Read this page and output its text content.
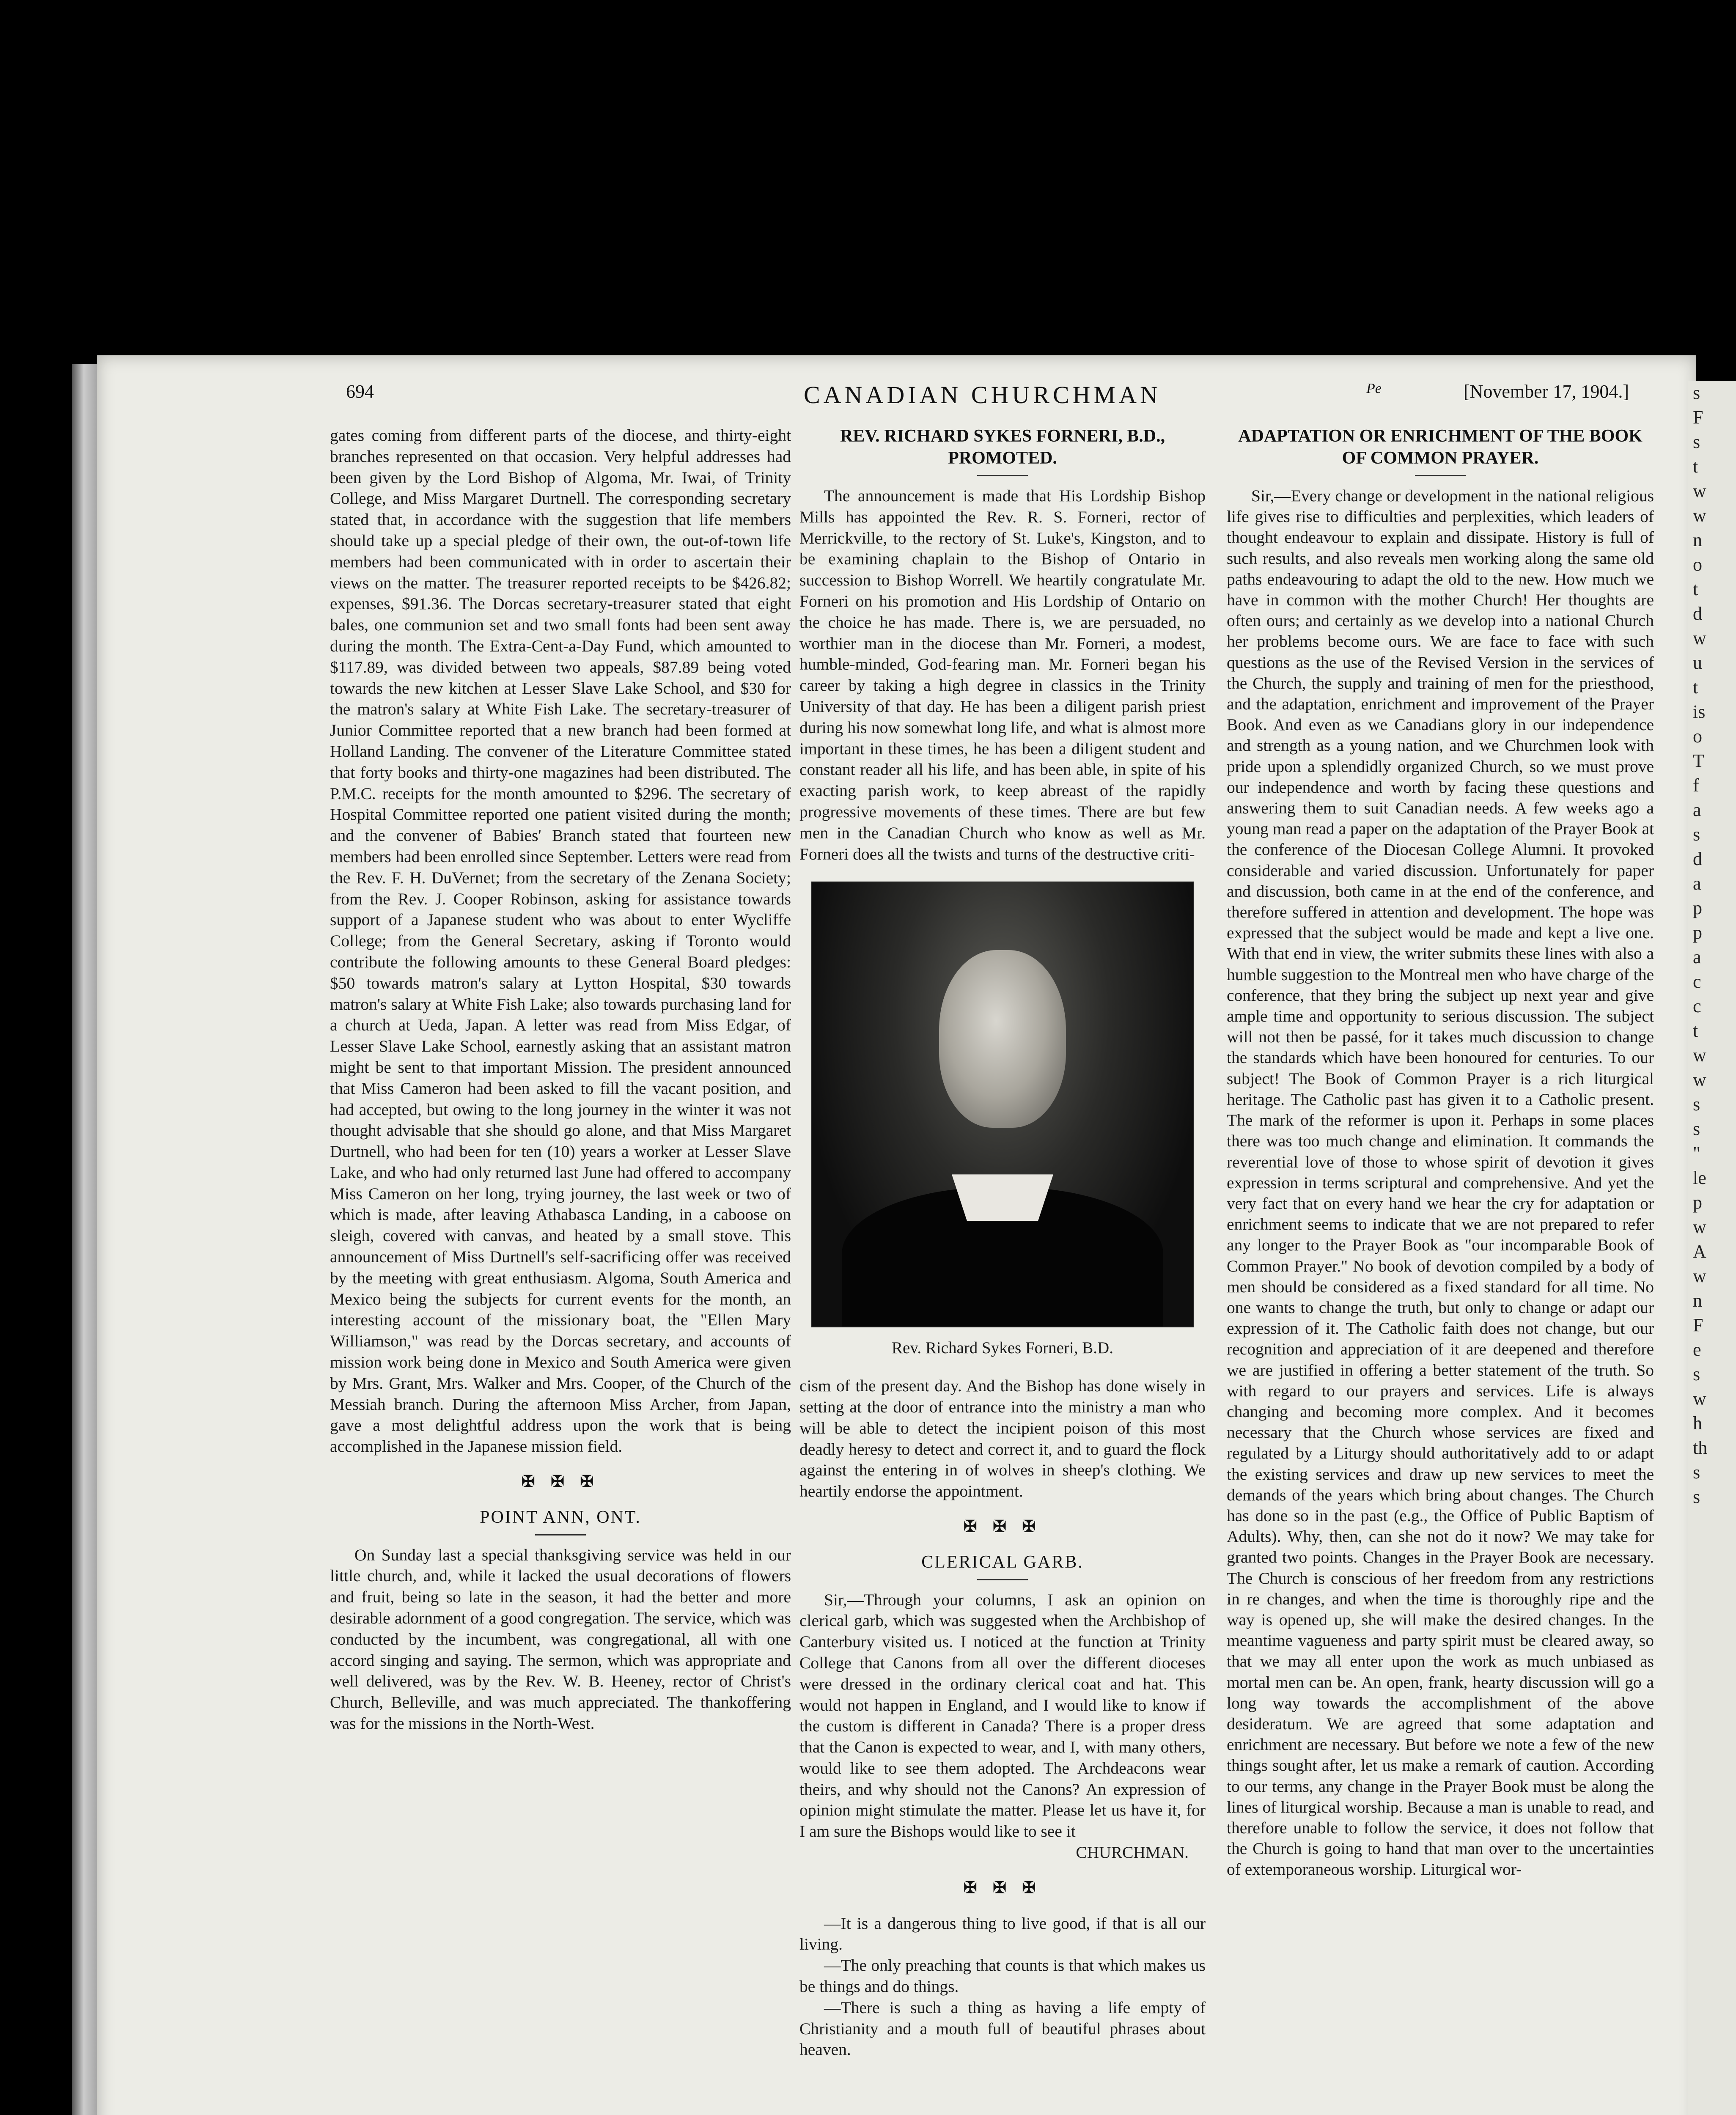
s
F
s
t
w
w
n
o
t
d
w
u
t
is
o
T
f
a
s
d
a
p
p
a
c
c
t
w
w
s
s
"
le
p
w
A
w
n
F
e
s
w
h
th
s
s
694	CANADIAN CHURCHMAN	Pe	[November 17, 1904.]

gates coming from different parts of the diocese, and thirty-eight branches represented on that occasion. Very helpful addresses had been given by the Lord Bishop of Algoma, Mr. Iwai, of Trinity College, and Miss Margaret Durtnell. The corresponding secretary stated that, in accordance with the suggestion that life members should take up a special pledge of their own, the out-of-town life members had been communicated with in order to ascertain their views on the matter. The treasurer reported receipts to be $426.82; expenses, $91.36. The Dorcas secretary-treasurer stated that eight bales, one communion set and two small fonts had been sent away during the month. The Extra-Cent-a-Day Fund, which amounted to $117.89, was divided between two appeals, $87.89 being voted towards the new kitchen at Lesser Slave Lake School, and $30 for the matron's salary at White Fish Lake. The secretary-treasurer of Junior Committee reported that a new branch had been formed at Holland Landing. The convener of the Literature Committee stated that forty books and thirty-one magazines had been distributed. The P.M.C. receipts for the month amounted to $296. The secretary of Hospital Committee reported one patient visited during the month; and the convener of Babies' Branch stated that fourteen new members had been enrolled since September. Letters were read from the Rev. F. H. DuVernet; from the secretary of the Zenana Society; from the Rev. J. Cooper Robinson, asking for assistance towards support of a Japanese student who was about to enter Wycliffe College; from the General Secretary, asking if Toronto would contribute the following amounts to these General Board pledges: $50 towards matron's salary at Lytton Hospital, $30 towards matron's salary at White Fish Lake; also towards purchasing land for a church at Ueda, Japan. A letter was read from Miss Edgar, of Lesser Slave Lake School, earnestly asking that an assistant matron might be sent to that important Mission. The president announced that Miss Cameron had been asked to fill the vacant position, and had accepted, but owing to the long journey in the winter it was not thought advisable that she should go alone, and that Miss Margaret Durtnell, who had been for ten (10) years a worker at Lesser Slave Lake, and who had only returned last June had offered to accompany Miss Cameron on her long, trying journey, the last week or two of which is made, after leaving Athabasca Landing, in a caboose on sleigh, covered with canvas, and heated by a small stove. This announcement of Miss Durtnell's self-sacrificing offer was received by the meeting with great enthusiasm. Algoma, South America and Mexico being the subjects for current events for the month, an interesting account of the missionary boat, the "Ellen Mary Williamson," was read by the Dorcas secretary, and accounts of mission work being done in Mexico and South America were given by Mrs. Grant, Mrs. Walker and Mrs. Cooper, of the Church of the Messiah branch. During the afternoon Miss Archer, from Japan, gave a most delightful address upon the work that is being accomplished in the Japanese mission field.

✠ ✠ ✠
POINT ANN, ONT.

On Sunday last a special thanksgiving service was held in our little church, and, while it lacked the usual decorations of flowers and fruit, being so late in the season, it had the better and more desirable adornment of a good congregation. The service, which was conducted by the incumbent, was congregational, all with one accord singing and saying. The sermon, which was appropriate and well delivered, was by the Rev. W. B. Heeney, rector of Christ's Church, Belleville, and was much appreciated. The thankoffering was for the missions in the North-West.

REV. RICHARD SYKES FORNERI, B.D., PROMOTED.

The announcement is made that His Lordship Bishop Mills has appointed the Rev. R. S. Forneri, rector of Merrickville, to the rectory of St. Luke's, Kingston, and to be examining chaplain to the Bishop of Ontario in succession to Bishop Worrell. We heartily congratulate Mr. Forneri on his promotion and His Lordship of Ontario on the choice he has made. There is, we are persuaded, no worthier man in the diocese than Mr. Forneri, a modest, humble-minded, God-fearing man. Mr. Forneri began his career by taking a high degree in classics in the Trinity University of that day. He has been a diligent parish priest during his now somewhat long life, and what is almost more important in these times, he has been a diligent student and constant reader all his life, and has been able, in spite of his exacting parish work, to keep abreast of the rapidly progressive movements of these times. There are but few men in the Canadian Church who know as well as Mr. Forneri does all the twists and turns of the destructive criti-

Rev. Richard Sykes Forneri, B.D.

cism of the present day. And the Bishop has done wisely in setting at the door of entrance into the ministry a man who will be able to detect the incipient poison of this most deadly heresy to detect and correct it, and to guard the flock against the entering in of wolves in sheep's clothing. We heartily endorse the appointment.

✠ ✠ ✠
CLERICAL GARB.

Sir,—Through your columns, I ask an opinion on clerical garb, which was suggested when the Archbishop of Canterbury visited us. I noticed at the function at Trinity College that Canons from all over the different dioceses were dressed in the ordinary clerical coat and hat. This would not happen in England, and I would like to know if the custom is different in Canada? There is a proper dress that the Canon is expected to wear, and I, with many others, would like to see them adopted. The Archdeacons wear theirs, and why should not the Canons? An expression of opinion might stimulate the matter. Please let us have it, for I am sure the Bishops would like to see it

CHURCHMAN.
✠ ✠ ✠

—It is a dangerous thing to live good, if that is all our living.

—The only preaching that counts is that which makes us be things and do things.

—There is such a thing as having a life empty of Christianity and a mouth full of beautiful phrases about heaven.

ADAPTATION OR ENRICHMENT OF THE BOOK OF COMMON PRAYER.

Sir,—Every change or development in the national religious life gives rise to difficulties and perplexities, which leaders of thought endeavour to explain and dissipate. History is full of such results, and also reveals men working along the same old paths endeavouring to adapt the old to the new. How much we have in common with the mother Church! Her thoughts are often ours; and certainly as we develop into a national Church her problems become ours. We are face to face with such questions as the use of the Revised Version in the services of the Church, the supply and training of men for the priesthood, and the adaptation, enrichment and improvement of the Prayer Book. And even as we Canadians glory in our independence and strength as a young nation, and we Churchmen look with pride upon a splendidly organized Church, so we must prove our independence and worth by facing these questions and answering them to suit Canadian needs. A few weeks ago a young man read a paper on the adaptation of the Prayer Book at the conference of the Diocesan College Alumni. It provoked considerable and varied discussion. Unfortunately for paper and discussion, both came in at the end of the conference, and therefore suffered in attention and development. The hope was expressed that the subject would be made and kept a live one. With that end in view, the writer submits these lines with also a humble suggestion to the Montreal men who have charge of the conference, that they bring the subject up next year and give ample time and opportunity to serious discussion. The subject will not then be passé, for it takes much discussion to change the standards which have been honoured for centuries. To our subject! The Book of Common Prayer is a rich liturgical heritage. The Catholic past has given it to a Catholic present. The mark of the reformer is upon it. Perhaps in some places there was too much change and elimination. It commands the reverential love of those to whose spirit of devotion it gives expression in terms scriptural and comprehensive. And yet the very fact that on every hand we hear the cry for adaptation or enrichment seems to indicate that we are not prepared to refer any longer to the Prayer Book as "our incomparable Book of Common Prayer." No book of devotion compiled by a body of men should be considered as a fixed standard for all time. No one wants to change the truth, but only to change or adapt our expression of it. The Catholic faith does not change, but our recognition and appreciation of it are deepened and therefore we are justified in offering a better statement of the truth. So with regard to our prayers and services. Life is always changing and becoming more complex. And it becomes necessary that the Church whose services are fixed and regulated by a Liturgy should authoritatively add to or adapt the existing services and draw up new services to meet the demands of the years which bring about changes. The Church has done so in the past (e.g., the Office of Public Baptism of Adults). Why, then, can she not do it now? We may take for granted two points. Changes in the Prayer Book are necessary. The Church is conscious of her freedom from any restrictions in re changes, and when the time is thoroughly ripe and the way is opened up, she will make the desired changes. In the meantime vagueness and party spirit must be cleared away, so that we may all enter upon the work as much unbiased as mortal men can be. An open, frank, hearty discussion will go a long way towards the accomplishment of the above desideratum. We are agreed that some adaptation and enrichment are necessary. But before we note a few of the new things sought after, let us make a remark of caution. According to our terms, any change in the Prayer Book must be along the lines of liturgical worship. Because a man is unable to read, and therefore unable to follow the service, it does not follow that the Church is going to hand that man over to the uncertainties of extemporaneous worship. Liturgical wor-
